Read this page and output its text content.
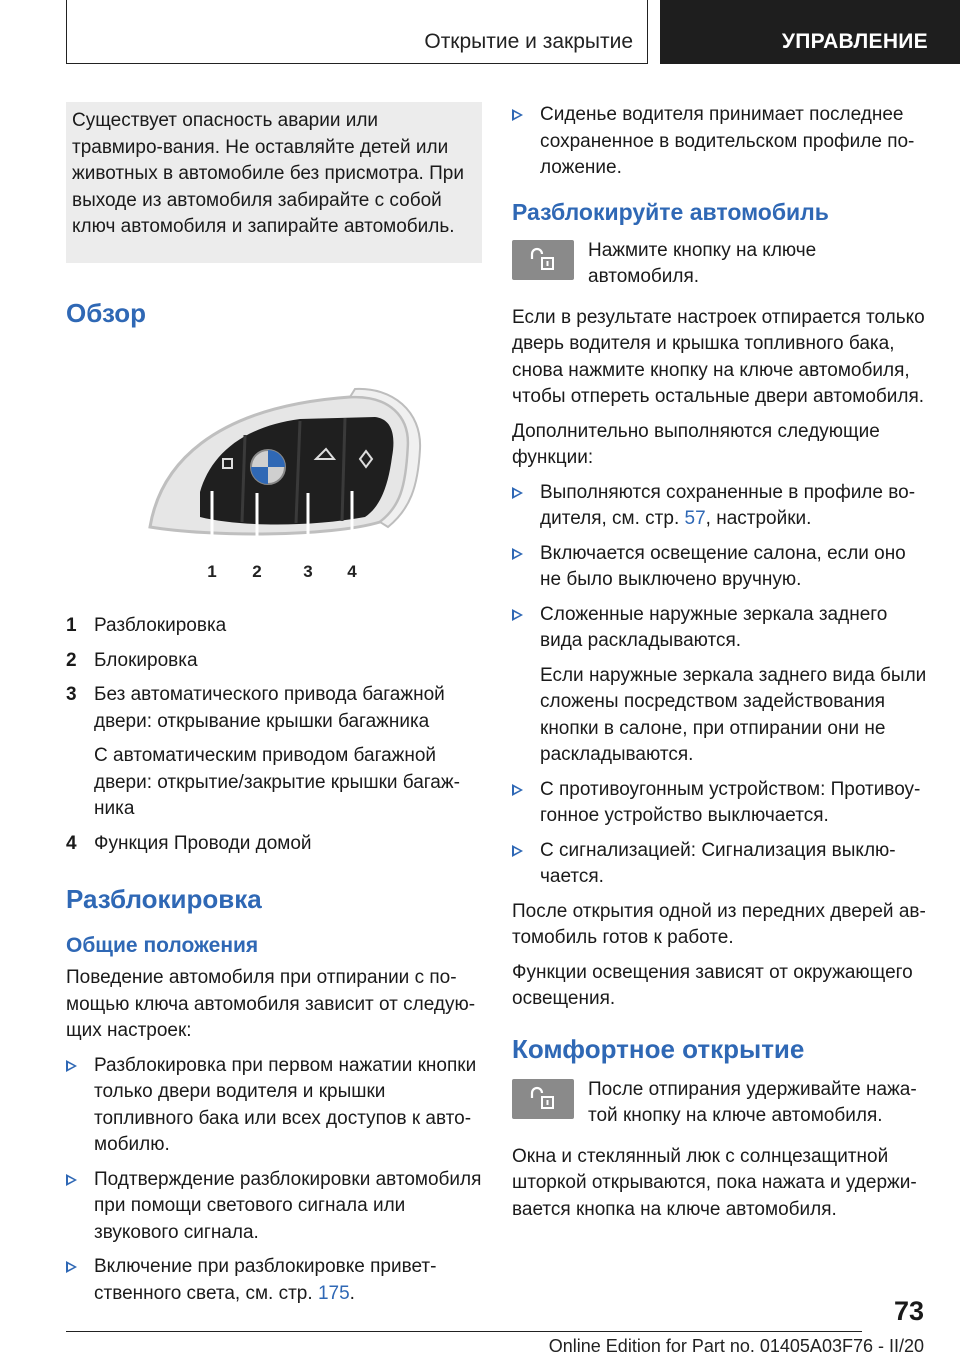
Открытие и закрытие	УПРАВЛЕНИЕ
Существует опасность аварии или травмиро‐вания. Не оставляйте детей или животных в автомобиле без присмотра. При выходе из автомобиля забирайте с собой ключ автомобиля и запирайте автомобиль.
Обзор
1 2 3 4
1 Разблокировка
2 Блокировка
3 Без автоматического привода багажной двери: открывание крышки багажника
С автоматическим приводом багажной двери: открытие/закрытие крышки багаж‐ника
4 Функция Проводи домой
Разблокировка
Общие положения

Поведение автомобиля при отпирании с по‐мощью ключа автомобиля зависит от следую‐щих настроек:

Разблокировка при первом нажатии кнопки только двери водителя и крышки топливного бака или всех доступов к авто‐мобилю.
Подтверждение разблокировки автомобиля при помощи светового сигнала или звукового сигнала.
Включение при разблокировке привет‐ственного света, см. стр. 175.
Сиденье водителя принимает последнее сохраненное в водительском профиле по‐ложение.
Разблокируйте автомобиль
Нажмите кнопку на ключе автомобиля.

Если в результате настроек отпирается только дверь водителя и крышка топливного бака, снова нажмите кнопку на ключе автомобиля, чтобы отпереть остальные двери автомобиля.

Дополнительно выполняются следующие функции:

Выполняются сохраненные в профиле во‐дителя, см. стр. 57, настройки.
Включается освещение салона, если оно не было выключено вручную.
Сложенные наружные зеркала заднего вида раскладываются.
Если наружные зеркала заднего вида были сложены посредством задействования кнопки в салоне, при отпирании они не раскладываются.
С противоугонным устройством: Противоу‐гонное устройство выключается.
С сигнализацией: Сигнализация выклю‐чается.

После открытия одной из передних дверей ав‐томобиль готов к работе.

Функции освещения зависят от окружающего освещения.

Комфортное открытие
После отпирания удерживайте нажа‐той кнопку на ключе автомобиля.

Окна и стеклянный люк с солнцезащитной шторкой открываются, пока нажата и удержи‐вается кнопка на ключе автомобиля.

73
Online Edition for Part no. 01405A03F76 - II/20
